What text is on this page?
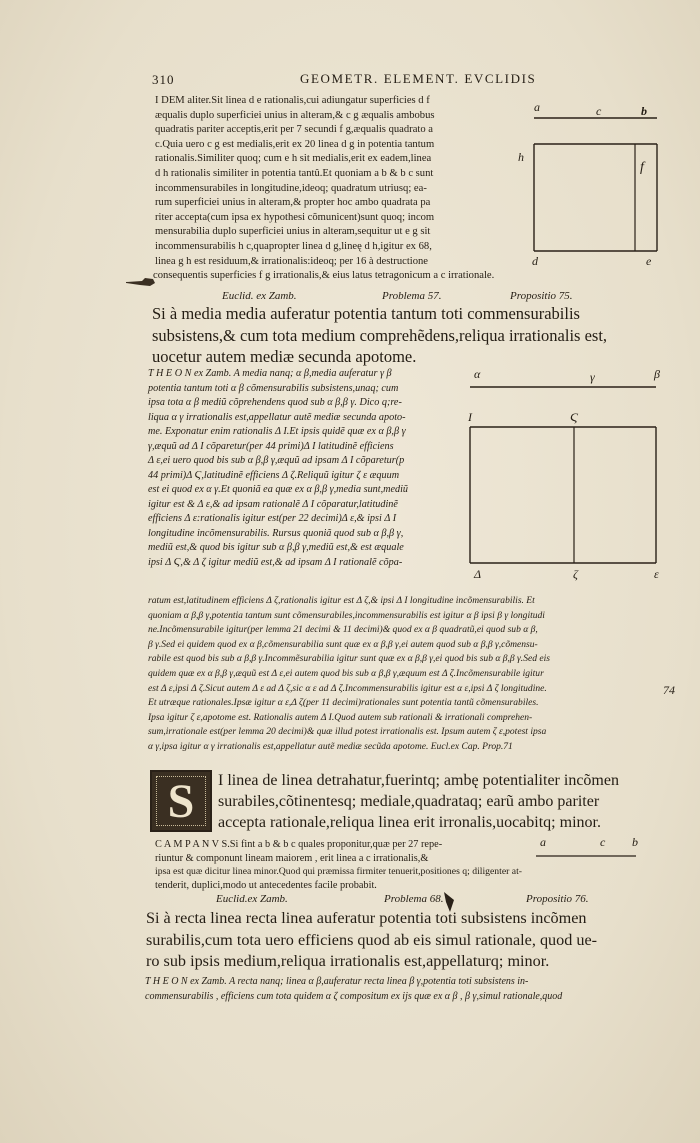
310	GEOMETR. ELEMENT. EVCLIDIS
I DEM aliter.Sit linea d e rationalis,cui adiungatur superficies d f
æqualis duplo superficiei unius in alteram,& c g æqualis ambobus
quadratis pariter acceptis,erit per 7 secundi f g,æqualis quadrato a
c.Quia uero c g est medialis,erit ex 20 linea d g in potentia tantum
rationalis.Similiter quoq; cum e h sit medialis,erit ex eadem,linea
d h rationalis similiter in potentia tantû.Et quoniam a b & b c sunt
incommensurabiles in longitudine,ideoq; quadratum utriusq; ea-
rum superficiei unius in alteram,& propter hoc ambo quadrata pa
riter accepta(cum ipsa ex hypothesi cõmunicent)sunt quoq; incom
mensurabilia duplo superficiei unius in alteram,sequitur ut e g sit
incommensurabilis h c,quapropter linea d g,lineę d h,igitur ex 68,
linea g h est residuum,& irrationalis:ideoq; per 16 à destructione
consequentis superficies f g irrationalis,& eius latus tetragonicum a c irrationale.
Euclid. ex Zamb.	Problema 57.	Propositio 75.
a	c	b
f
h
d	e
Si à media media auferatur potentia tantum toti commensurabilis
subsistens,& cum tota medium comprehẽdens,reliqua irrationalis est,
uocetur autem mediæ secunda apotome.
T H E O N ex Zamb. A media nanq; α β,media auferatur γ β
potentia tantum toti α β cõmensurabilis subsistens,unaq; cum
ipsa tota α β mediũ cõprehendens quod sub α β,β γ. Dico q;re-
liqua α γ irrationalis est,appellatur autẽ mediæ secunda apoto-
me. Exponatur enim rationalis Δ Ι.Et ipsis quidẽ quæ ex α β,β γ
γ,æquũ ad Δ Ι cõparetur(per 44 primi)Δ Ι latitudinẽ efficiens
Δ ε,ei uero quod bis sub α β,β γ,æquũ ad ipsam Δ Ι cõparetur(p
44 primi)Δ Ϛ,latitudinẽ efficiens Δ ζ.Reliquũ igitur ζ ε æquum
est ei quod ex α γ.Et quoniã ea quæ ex α β,β γ,media sunt,mediũ
igitur est & Δ ε,& ad ipsam rationalẽ Δ Ι cõparatur,latitudinẽ
efficiens Δ ε:rationalis igitur est(per 22 decimi)Δ ε,& ipsi Δ Ι
longitudine incõmensurabilis. Rursus quoniã quod sub α β,β γ,
mediũ est,& quod bis igitur sub α β,β γ,mediũ est,& est æquale
ipsi Δ Ϛ,& Δ ζ igitur mediũ est,& ad ipsam Δ Ι rationalẽ cõpa-
α	γ	β
Ι	Ϛ
Δ	ζ	ε
ratum est,latitudinem efficiens Δ ζ,rationalis igitur est Δ ζ,& ipsi Δ Ι longitudine incõmensurabilis. Et
quoniam α β,β γ,potentia tantum sunt cõmensurabiles,incommensurabilis est igitur α β ipsi β γ longitudi
ne.Incõmensurabile igitur(per lemma 21 decimi & 11 decimi)& quod ex α β quadratũ,ei quod sub α β,
β γ.Sed ei quidem quod ex α β,cõmensurabilia sunt quæ ex α β,β γ,ei autem quod sub α β,β γ,cõmensu-
rabile est quod bis sub α β,β γ.Incommẽsurabilia igitur sunt quæ ex α β,β γ,ei quod bis sub α β,β γ.Sed eis
quidem quæ ex α β,β γ,æquũ est Δ ε,ei autem quod bis sub α β,β γ,æquum est Δ ζ.Incõmensurabile igitur
est Δ ε,ipsi Δ ζ.Sicut autem Δ ε ad Δ ζ,sic α ε ad Δ ζ.Incommensurabilis igitur est α ε,ipsi Δ ζ longitudine.
Et utræque rationales.Ipsæ igitur α ε,Δ ζ(per 11 decimi)rationales sunt potentia tantũ cõmensurabiles.
Ipsa igitur ζ ε,apotome est. Rationalis autem Δ Ι.Quod autem sub rationali & irrationali comprehen-
sum,irrationale est(per lemma 20 decimi)& quæ illud potest irrationalis est. Ipsum autem ζ ε,potest ipsa
α γ,ipsa igitur α γ irrationalis est,appellatur autẽ mediæ secũda apotome. Eucl.ex Cap. Prop.71
74
S	I linea de linea detrahatur,fuerintq; ambę potentialiter incõmen
surabiles,cõtinentesq; mediale,quadrataq; earũ ambo pariter
accepta rationale,reliqua linea erit irronalis,uocabitq; minor.
C A M P A N V S.Si fint a b & b c quales proponitur,quæ per 27 repe-
riuntur & componunt lineam maiorem , erit linea a c irrationalis,&
ipsa est quæ dicitur linea minor.Quod qui præmissa firmiter tenuerit,positiones q; diligenter at-
tenderit, duplici,modo ut antecedentes facile probabit.
a	c b
Euclid.ex Zamb.	Problema 68.	Propositio 76.
Si à recta linea recta linea auferatur potentia toti subsistens incõmen
surabilis,cum tota uero efficiens quod ab eis simul rationale, quod ue-
ro sub ipsis medium,reliqua irrationalis est,appellaturq; minor.
T H E O N ex Zamb. A recta nanq; linea α β,auferatur recta linea β γ,potentia toti subsistens in-
commensurabilis , efficiens cum tota quidem α ζ compositum ex ijs quæ ex α β , β γ,simul rationale,quod
